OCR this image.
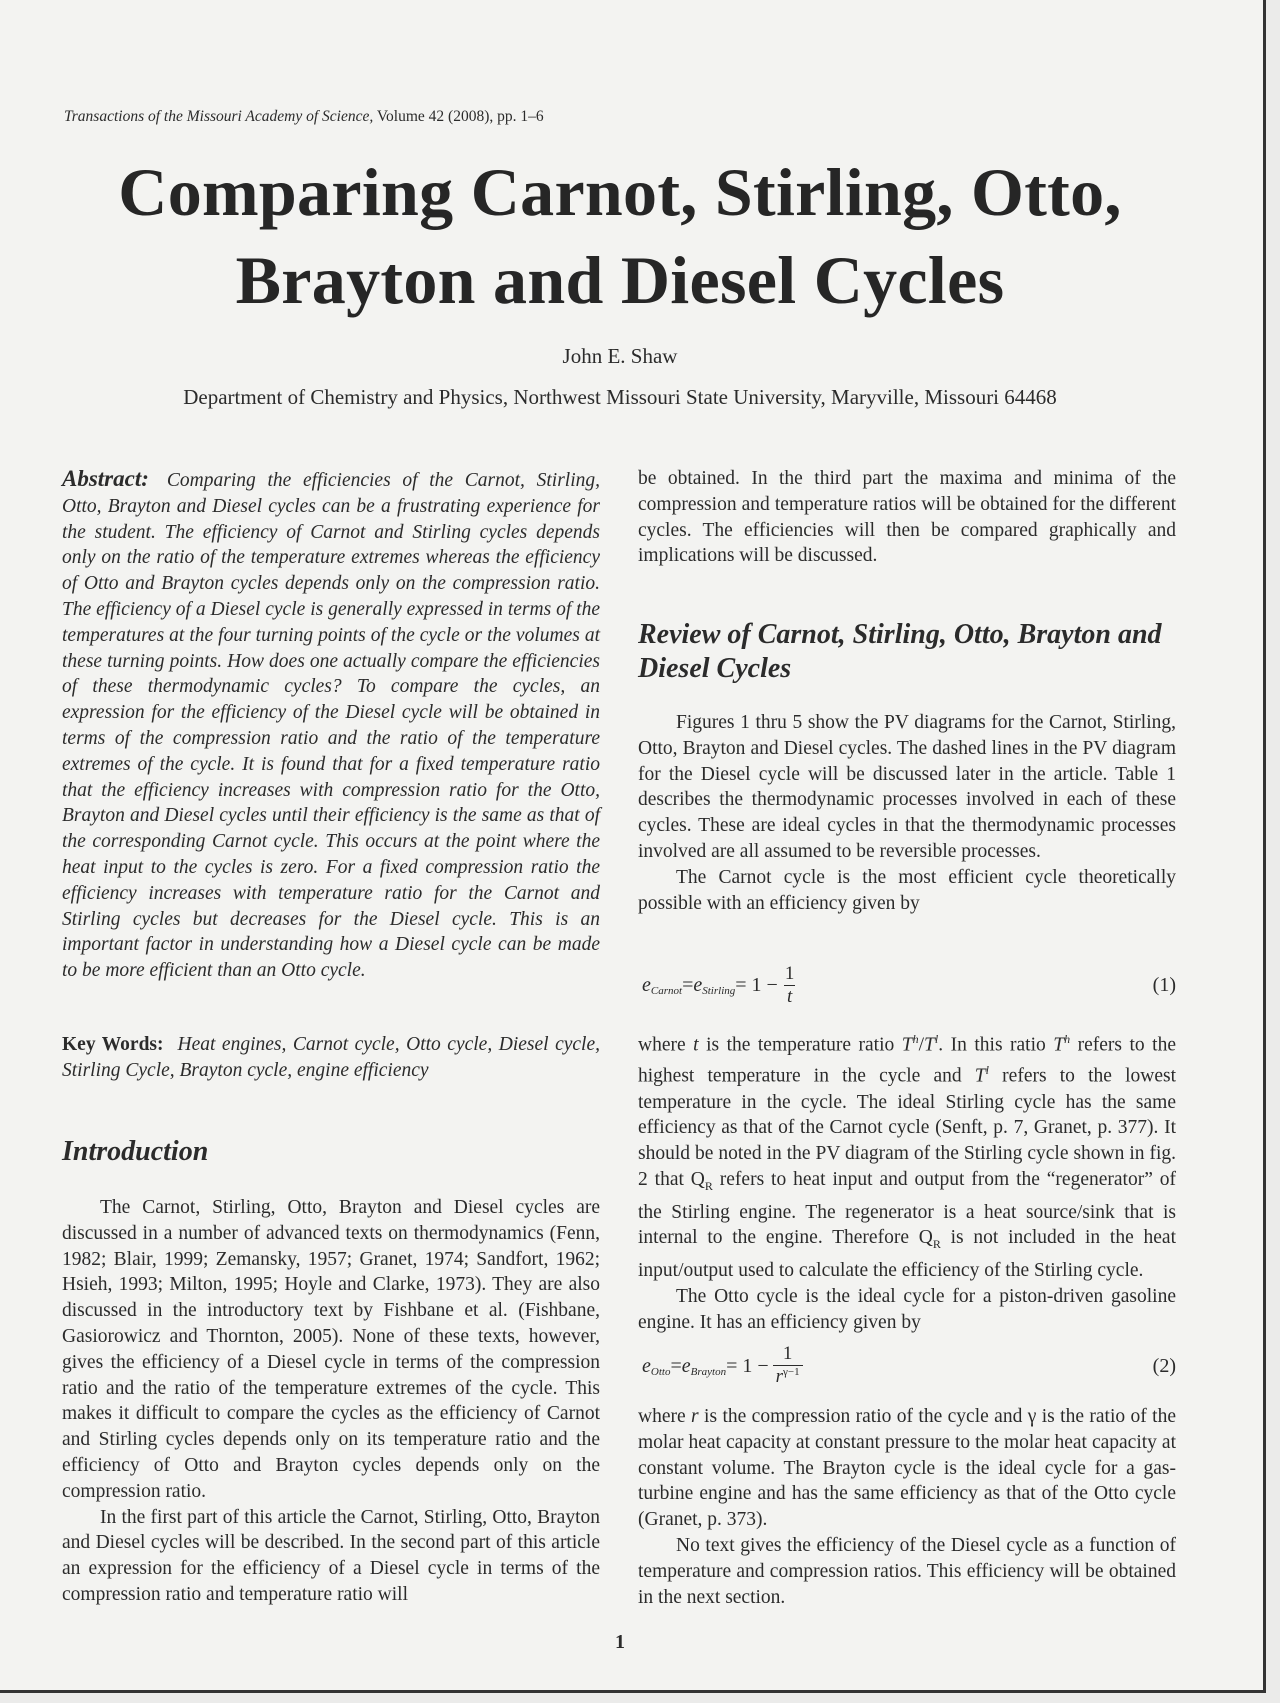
Transactions of the Missouri Academy of Science, Volume 42 (2008), pp. 1–6
Comparing Carnot, Stirling, Otto,
Brayton and Diesel Cycles
John E. Shaw
Department of Chemistry and Physics, Northwest Missouri State University, Maryville, Missouri 64468

Abstract: Comparing the efficiencies of the Carnot, Stirling, Otto, Brayton and Diesel cycles can be a frustrating experience for the student. The efficiency of Carnot and Stirling cycles depends only on the ratio of the temperature extremes whereas the efficiency of Otto and Brayton cycles depends only on the compression ratio. The efficiency of a Diesel cycle is generally expressed in terms of the temperatures at the four turning points of the cycle or the volumes at these turning points. How does one actually compare the efficiencies of these thermodynamic cycles? To compare the cycles, an expression for the efficiency of the Diesel cycle will be obtained in terms of the compression ratio and the ratio of the temperature extremes of the cycle. It is found that for a fixed temperature ratio that the efficiency increases with compression ratio for the Otto, Brayton and Diesel cycles until their efficiency is the same as that of the corresponding Carnot cycle. This occurs at the point where the heat input to the cycles is zero. For a fixed compression ratio the efficiency increases with temperature ratio for the Carnot and Stirling cycles but decreases for the Diesel cycle. This is an important factor in understanding how a Diesel cycle can be made to be more efficient than an Otto cycle.

Key Words: Heat engines, Carnot cycle, Otto cycle, Diesel cycle, Stirling Cycle, Brayton cycle, engine efficiency

Introduction

The Carnot, Stirling, Otto, Brayton and Diesel cycles are discussed in a number of advanced texts on thermodynamics (Fenn, 1982; Blair, 1999; Zemansky, 1957; Granet, 1974; Sandfort, 1962; Hsieh, 1993; Milton, 1995; Hoyle and Clarke, 1973). They are also discussed in the introductory text by Fishbane et al. (Fishbane, Gasiorowicz and Thornton, 2005). None of these texts, however, gives the efficiency of a Diesel cycle in terms of the compression ratio and the ratio of the temperature extremes of the cycle. This makes it difficult to compare the cycles as the efficiency of Carnot and Stirling cycles depends only on its temperature ratio and the efficiency of Otto and Brayton cycles depends only on the compression ratio.

In the first part of this article the Carnot, Stirling, Otto, Brayton and Diesel cycles will be described. In the second part of this article an expression for the efficiency of a Diesel cycle in terms of the compression ratio and temperature ratio will

be obtained. In the third part the maxima and minima of the compression and temperature ratios will be obtained for the different cycles. The efficiencies will then be compared graphically and implications will be discussed.

Review of Carnot, Stirling, Otto, Brayton and Diesel Cycles

Figures 1 thru 5 show the PV diagrams for the Carnot, Stirling, Otto, Brayton and Diesel cycles. The dashed lines in the PV diagram for the Diesel cycle will be discussed later in the article. Table 1 describes the thermodynamic processes involved in each of these cycles. These are ideal cycles in that the thermodynamic processes involved are all assumed to be reversible processes.

The Carnot cycle is the most efficient cycle theoretically possible with an efficiency given by

e Carnot = e Stirling = $1 - \frac{1}{t}$	(1)

where t is the temperature ratio $T^h/T^l$. In this ratio $T^h$ refers to the highest temperature in the cycle and $T^l$ refers to the lowest temperature in the cycle. The ideal Stirling cycle has the same efficiency as that of the Carnot cycle (Senft, p. 7, Granet, p. 377). It should be noted in the PV diagram of the Stirling cycle shown in fig. 2 that $Q_R$ refers to heat input and output from the “regenerator” of the Stirling engine. The regenerator is a heat source/sink that is internal to the engine. Therefore $Q_R$ is not included in the heat input/output used to calculate the efficiency of the Stirling cycle.

The Otto cycle is the ideal cycle for a piston-driven gasoline engine. It has an efficiency given by

e Otto = e Brayton = $1 - \frac{1}{r^{\gamma-1}}$	(2)

where r is the compression ratio of the cycle and γ is the ratio of the molar heat capacity at constant pressure to the molar heat capacity at constant volume. The Brayton cycle is the ideal cycle for a gas-turbine engine and has the same efficiency as that of the Otto cycle (Granet, p. 373).

No text gives the efficiency of the Diesel cycle as a function of temperature and compression ratios. This efficiency will be obtained in the next section.

1
